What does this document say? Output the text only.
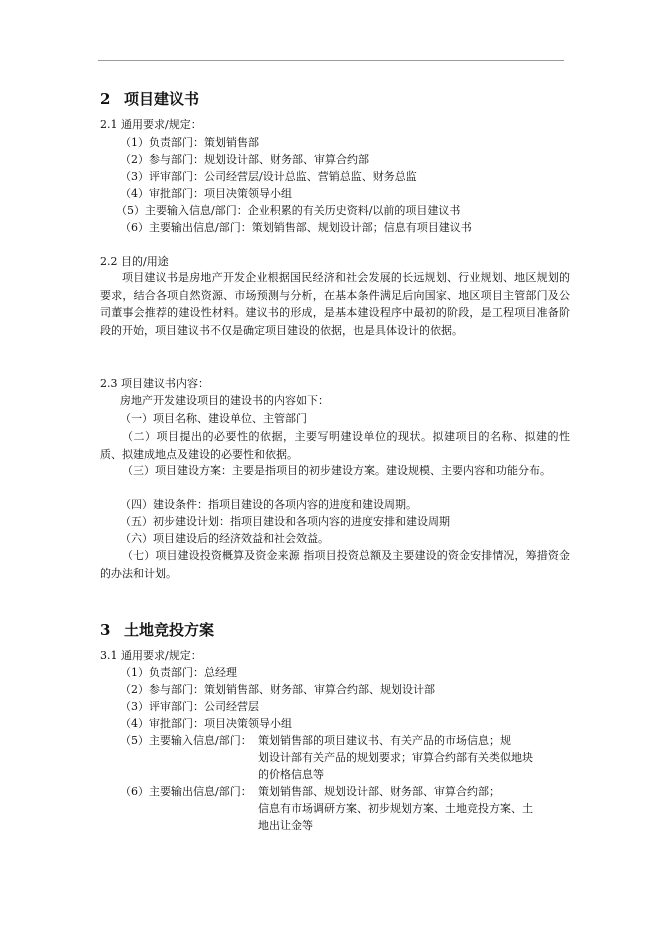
2 项目建议书
2.1 通用要求/规定：
（1）负责部门：策划销售部
（2）参与部门：规划设计部、财务部、审算合约部
（3）评审部门：公司经营层/设计总监、营销总监、财务总监
（4）审批部门：项目决策领导小组
（5）主要输入信息/部门：企业积累的有关历史资料/以前的项目建议书
（6）主要输出信息/部门：策划销售部、规划设计部；信息有项目建议书
2.2 目的/用途
项目建议书是房地产开发企业根据国民经济和社会发展的长远规划、行业规划、地区规划的要求，结合各项自然资源、市场预测与分析，在基本条件满足后向国家、地区项目主管部门及公司董事会推荐的建设性材料。建议书的形成，是基本建设程序中最初的阶段，是工程项目准备阶段的开始，项目建议书不仅是确定项目建设的依据，也是具体设计的依据。
2.3 项目建议书内容：
房地产开发建设项目的建设书的内容如下：
（一）项目名称、建设单位、主管部门
（二）项目提出的必要性的依据，主要写明建设单位的现状。拟建项目的名称、拟建的性质、拟建成地点及建设的必要性和依据。
（三）项目建设方案：主要是指项目的初步建设方案。建设规模、主要内容和功能分布。
（四）建设条件：指项目建设的各项内容的进度和建设周期。
（五）初步建设计划：指项目建设和各项内容的进度安排和建设周期
（六）项目建设后的经济效益和社会效益。
（七）项目建设投资概算及资金来源 指项目投资总额及主要建设的资金安排情况，筹措资金的办法和计划。
3 土地竞投方案
3.1 通用要求/规定：
（1）负责部门：总经理
（2）参与部门：策划销售部、财务部、审算合约部、规划设计部
（3）评审部门：公司经营层
（4）审批部门：项目决策领导小组
（5）主要输入信息/部门： 策划销售部的项目建议书、有关产品的市场信息；规
划设计部有关产品的规划要求；审算合约部有关类似地块
的价格信息等
（6）主要输出信息/部门： 策划销售部、规划设计部、财务部、审算合约部；
信息有市场调研方案、初步规划方案、土地竞投方案、土
地出让金等
